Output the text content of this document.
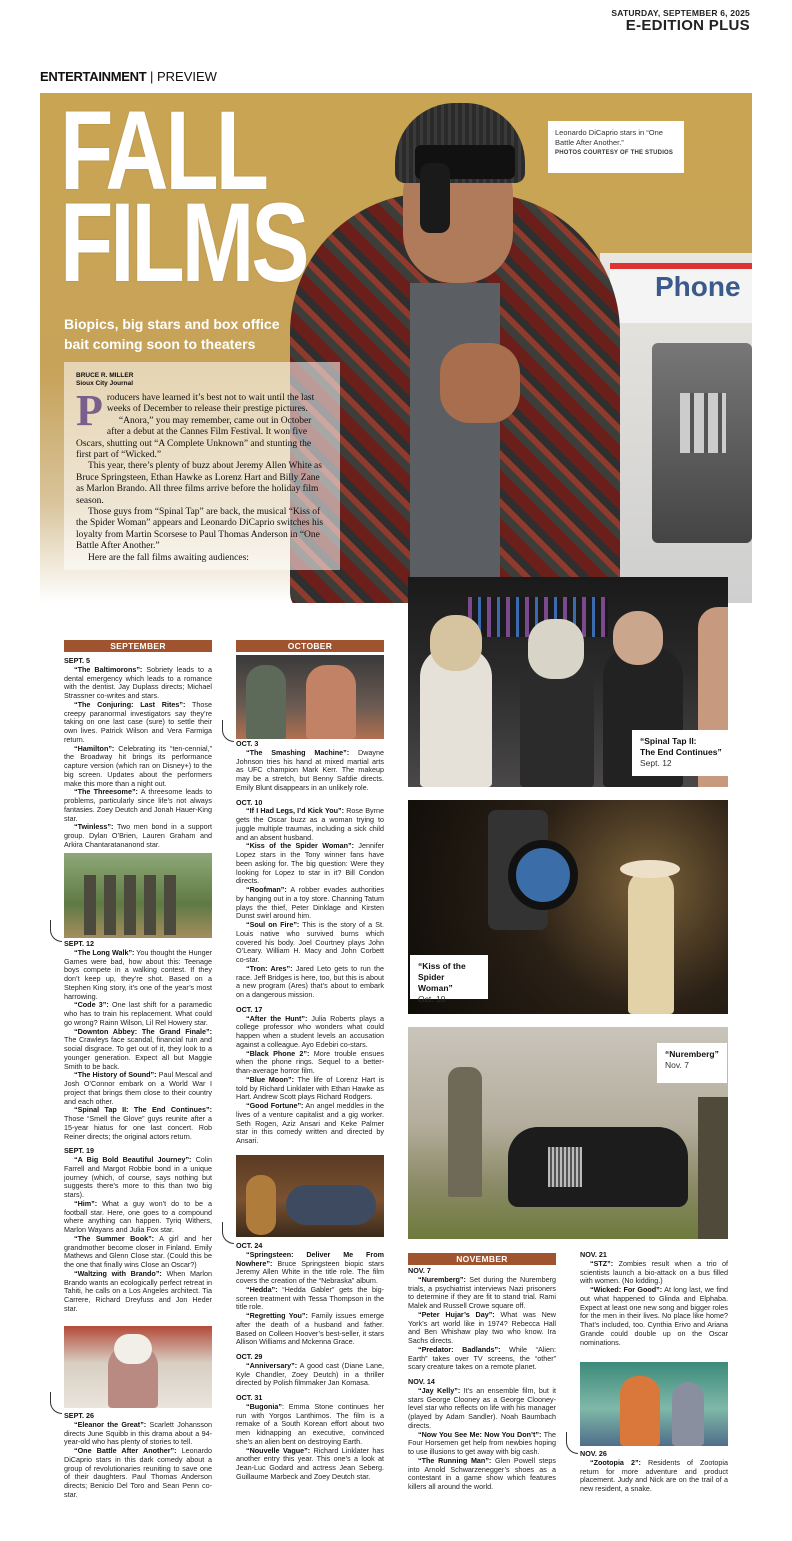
SATURDAY, SEPTEMBER 6, 2025
E-EDITION PLUS
ENTERTAINMENT | PREVIEW
Phone
FALL
FILMS
Biopics, big stars and box office bait coming soon to theaters
Leonardo DiCaprio stars in “One Battle After Another.”
PHOTOS COURTESY OF THE STUDIOS
BRUCE R. MILLER
Sioux City Journal

Producers have learned it’s best not to wait until the last weeks of December to release their prestige pictures.

“Anora,” you may remember, came out in October after a debut at the Cannes Film Festival. It won five Oscars, shutting out “A Complete Unknown” and stunting the first part of “Wicked.”

This year, there’s plenty of buzz about Jeremy Allen White as Bruce Springsteen, Ethan Hawke as Lorenz Hart and Billy Zane as Marlon Brando. All three films arrive before the holiday film season.

Those guys from “Spinal Tap” are back, the musical “Kiss of the Spider Woman” appears and Leonardo DiCaprio switches his loyalty from Martin Scorsese to Paul Thomas Anderson in “One Battle After Another.”

Here are the fall films awaiting audiences:

“Spinal Tap II:
The End Continues”
Sept. 12
“Kiss of the Spider Woman”
Oct. 10
“Nuremberg”
Nov. 7
SEPTEMBER
SEPT. 5

“The Baltimorons”: Sobriety leads to a dental emergency which leads to a romance with the dentist. Jay Duplass directs; Michael Strassner co-writes and stars.

“The Conjuring: Last Rites”: Those creepy paranormal investigators say they’re taking on one last case (sure) to settle their own lives. Patrick Wilson and Vera Farmiga return.

“Hamilton”: Celebrating its “ten-cennial,” the Broadway hit brings its performance capture version (which ran on Disney+) to the big screen. Updates about the performers make this more than a night out.

“The Threesome”: A threesome leads to problems, particularly since life’s not always fantasies. Zoey Deutch and Jonah Hauer-King star.

“Twinless”: Two men bond in a support group. Dylan O’Brien, Lauren Graham and Arkira Chantaratananond star.

SEPT. 12

“The Long Walk”: You thought the Hunger Games were bad, how about this: Teenage boys compete in a walking contest. If they don’t keep up, they’re shot. Based on a Stephen King story, it’s one of the year’s most harrowing.

“Code 3”: One last shift for a paramedic who has to train his replacement. What could go wrong? Rainn Wilson, Lil Rel Howery star.

“Downton Abbey: The Grand Finale”: The Crawleys face scandal, financial ruin and social disgrace. To get out of it, they look to a younger generation. Expect all but Maggie Smith to be back.

“The History of Sound”: Paul Mescal and Josh O’Connor embark on a World War I project that brings them close to their country and each other.

“Spinal Tap II: The End Continues”: Those “Smell the Glove” guys reunite after a 15-year hiatus for one last concert. Rob Reiner directs; the original actors return.

SEPT. 19

“A Big Bold Beautiful Journey”: Colin Farrell and Margot Robbie bond in a unique journey (which, of course, says nothing but suggests there’s more to this than two big stars).

“Him”: What a guy won’t do to be a football star. Here, one goes to a compound where anything can happen. Tyriq Withers, Marlon Wayans and Julia Fox star.

“The Summer Book”: A girl and her grandmother become closer in Finland. Emily Mathews and Glenn Close star. (Could this be the one that finally wins Close an Oscar?)

“Waltzing with Brando”: When Marlon Brando wants an ecologically perfect retreat in Tahiti, he calls on a Los Angeles architect. Tia Carrere, Richard Dreyfuss and Jon Heder star.

SEPT. 26

“Eleanor the Great”: Scarlett Johansson directs June Squibb in this drama about a 94-year-old who has plenty of stories to tell.

“One Battle After Another”: Leonardo DiCaprio stars in this dark comedy about a group of revolutionaries reuniting to save one of their daughters. Paul Thomas Anderson directs; Benicio Del Toro and Sean Penn co-star.

OCTOBER
OCT. 3

“The Smashing Machine”: Dwayne Johnson tries his hand at mixed martial arts as UFC champion Mark Kerr. The makeup may be a stretch, but Benny Safdie directs. Emily Blunt disappears in an unlikely role.

OCT. 10

“If I Had Legs, I’d Kick You”: Rose Byrne gets the Oscar buzz as a woman trying to juggle multiple traumas, including a sick child and an absent husband.

“Kiss of the Spider Woman”: Jennifer Lopez stars in the Tony winner fans have been asking for. The big question: Were they looking for Lopez to star in it? Bill Condon directs.

“Roofman”: A robber evades authorities by hanging out in a toy store. Channing Tatum plays the thief, Peter Dinklage and Kirsten Dunst swirl around him.

“Soul on Fire”: This is the story of a St. Louis native who survived burns which covered his body. Joel Courtney plays John O’Leary. William H. Macy and John Corbett co-star.

“Tron: Ares”: Jared Leto gets to run the race. Jeff Bridges is here, too, but this is about a new program (Ares) that’s about to embark on a dangerous mission.

OCT. 17

“After the Hunt”: Julia Roberts plays a college professor who wonders what could happen when a student levels an accusation against a colleague. Ayo Edebiri co-stars.

“Black Phone 2”: More trouble ensues when the phone rings. Sequel to a better-than-average horror film.

“Blue Moon”: The life of Lorenz Hart is told by Richard Linklater with Ethan Hawke as Hart. Andrew Scott plays Richard Rodgers.

“Good Fortune”: An angel meddles in the lives of a venture capitalist and a gig worker. Seth Rogen, Aziz Ansari and Keke Palmer star in this comedy written and directed by Ansari.

OCT. 24

“Springsteen: Deliver Me From Nowhere”: Bruce Springsteen biopic stars Jeremy Allen White in the title role. The film covers the creation of the “Nebraska” album.

“Hedda”: “Hedda Gabler” gets the big-screen treatment with Tessa Thompson in the title role.

“Regretting You”: Family issues emerge after the death of a husband and father. Based on Colleen Hoover’s best-seller, it stars Allison Williams and Mckenna Grace.

OCT. 29

“Anniversary”: A good cast (Diane Lane, Kyle Chandler, Zoey Deutch) in a thriller directed by Polish filmmaker Jan Komasa.

OCT. 31

“Bugonia”: Emma Stone continues her run with Yorgos Lanthimos. The film is a remake of a South Korean effort about two men kidnapping an executive, convinced she’s an alien bent on destroying Earth.

“Nouvelle Vague”: Richard Linklater has another entry this year. This one’s a look at Jean-Luc Godard and actress Jean Seberg. Guillaume Marbeck and Zoey Deutch star.

NOVEMBER
NOV. 7

“Nuremberg”: Set during the Nuremberg trials, a psychiatrist interviews Nazi prisoners to determine if they are fit to stand trial. Rami Malek and Russell Crowe square off.

“Peter Hujar’s Day”: What was New York’s art world like in 1974? Rebecca Hall and Ben Whishaw play two who know. Ira Sachs directs.

“Predator: Badlands”: While “Alien: Earth” takes over TV screens, the “other” scary creature takes on a remote planet.

NOV. 14

“Jay Kelly”: It’s an ensemble film, but it stars George Clooney as a George Clooney-level star who reflects on life with his manager (played by Adam Sandler). Noah Baumbach directs.

“Now You See Me: Now You Don’t”: The Four Horsemen get help from newbies hoping to use illusions to get away with big cash.

“The Running Man”: Glen Powell steps into Arnold Schwarzenegger’s shoes as a contestant in a game show which features killers all around the world.

NOV. 21

“STZ”: Zombies result when a trio of scientists launch a bio-attack on a bus filled with women. (No kidding.)

“Wicked: For Good”: At long last, we find out what happened to Glinda and Elphaba. Expect at least one new song and bigger roles for the men in their lives. No place like home? That’s included, too. Cynthia Erivo and Ariana Grande could double up on the Oscar nominations.

NOV. 26

“Zootopia 2”: Residents of Zootopia return for more adventure and product placement. Judy and Nick are on the trail of a new resident, a snake.
